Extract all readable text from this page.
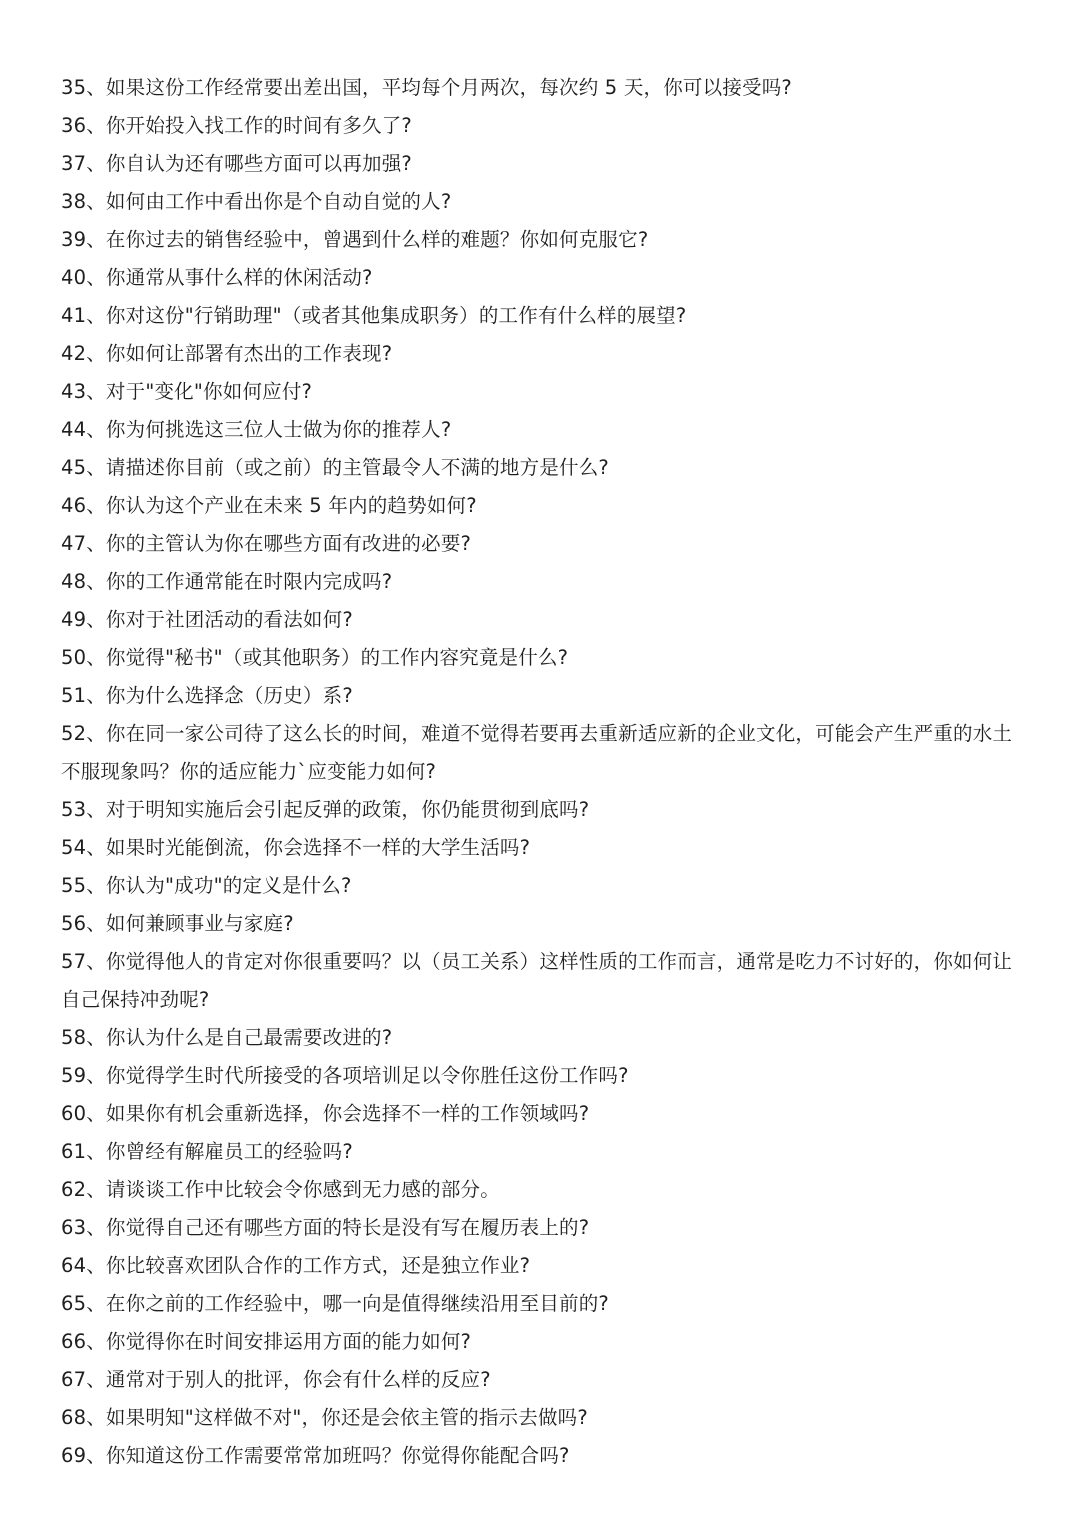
35、如果这份工作经常要出差出国，平均每个月两次，每次约 5 天，你可以接受吗?
36、你开始投入找工作的时间有多久了?
37、你自认为还有哪些方面可以再加强?
38、如何由工作中看出你是个自动自觉的人?
39、在你过去的销售经验中，曾遇到什么样的难题？你如何克服它?
40、你通常从事什么样的休闲活动?
41、你对这份"行销助理"（或者其他集成职务）的工作有什么样的展望?
42、你如何让部署有杰出的工作表现?
43、对于"变化"你如何应付?
44、你为何挑选这三位人士做为你的推荐人?
45、请描述你目前（或之前）的主管最令人不满的地方是什么?
46、你认为这个产业在未来 5 年内的趋势如何?
47、你的主管认为你在哪些方面有改进的必要?
48、你的工作通常能在时限内完成吗?
49、你对于社团活动的看法如何?
50、你觉得"秘书"（或其他职务）的工作内容究竟是什么?
51、你为什么选择念（历史）系?
52、你在同一家公司待了这么长的时间，难道不觉得若要再去重新适应新的企业文化，可能会产生严重的水土不服现象吗？你的适应能力`应变能力如何?
53、对于明知实施后会引起反弹的政策，你仍能贯彻到底吗?
54、如果时光能倒流，你会选择不一样的大学生活吗?
55、你认为"成功"的定义是什么?
56、如何兼顾事业与家庭?
57、你觉得他人的肯定对你很重要吗？以（员工关系）这样性质的工作而言，通常是吃力不讨好的，你如何让自己保持冲劲呢?
58、你认为什么是自己最需要改进的?
59、你觉得学生时代所接受的各项培训足以令你胜任这份工作吗?
60、如果你有机会重新选择，你会选择不一样的工作领域吗?
61、你曾经有解雇员工的经验吗?
62、请谈谈工作中比较会令你感到无力感的部分。
63、你觉得自己还有哪些方面的特长是没有写在履历表上的?
64、你比较喜欢团队合作的工作方式，还是独立作业?
65、在你之前的工作经验中，哪一向是值得继续沿用至目前的?
66、你觉得你在时间安排运用方面的能力如何?
67、通常对于别人的批评，你会有什么样的反应?
68、如果明知"这样做不对"，你还是会依主管的指示去做吗?
69、你知道这份工作需要常常加班吗？你觉得你能配合吗?
